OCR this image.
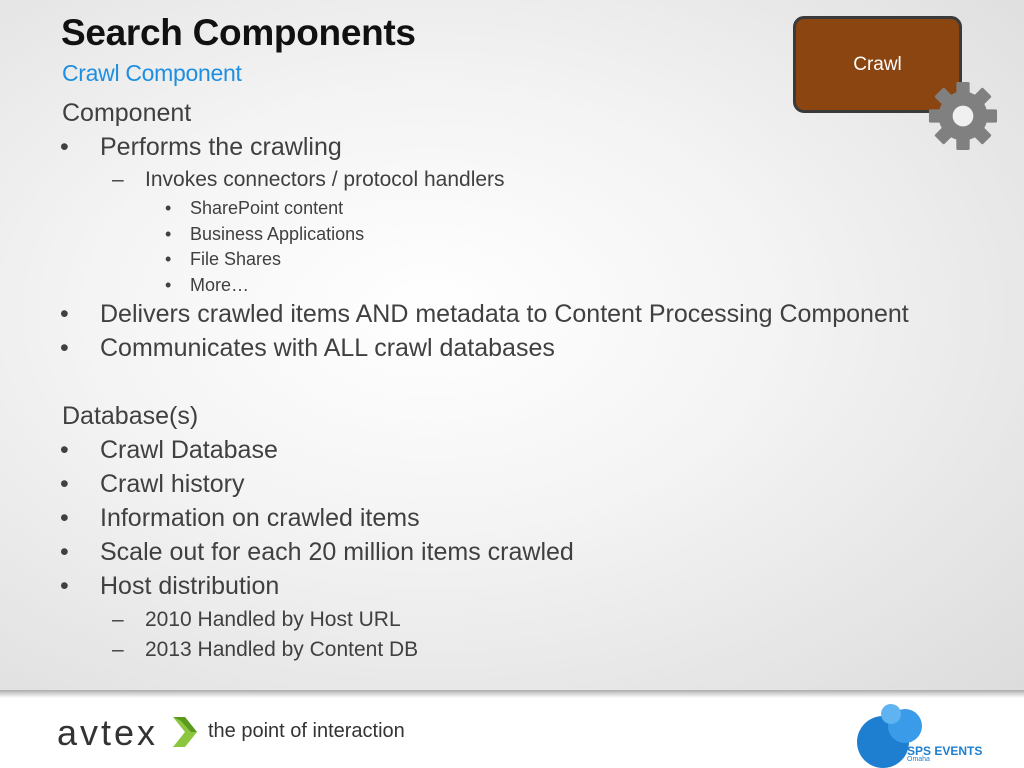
Search Components
Crawl Component
Component
• Performs the crawling
– Invokes connectors / protocol handlers
• SharePoint content
• Business Applications
• File Shares
• More…
• Delivers crawled items AND metadata to Content Processing Component
• Communicates with ALL crawl databases
Database(s)
• Crawl Database
• Crawl history
• Information on crawled items
• Scale out for each 20 million items crawled
• Host distribution
– 2010 Handled by Host URL
– 2013 Handled by Content DB
Crawl
avtex the point of interaction
SPS EVENTS
Omaha
